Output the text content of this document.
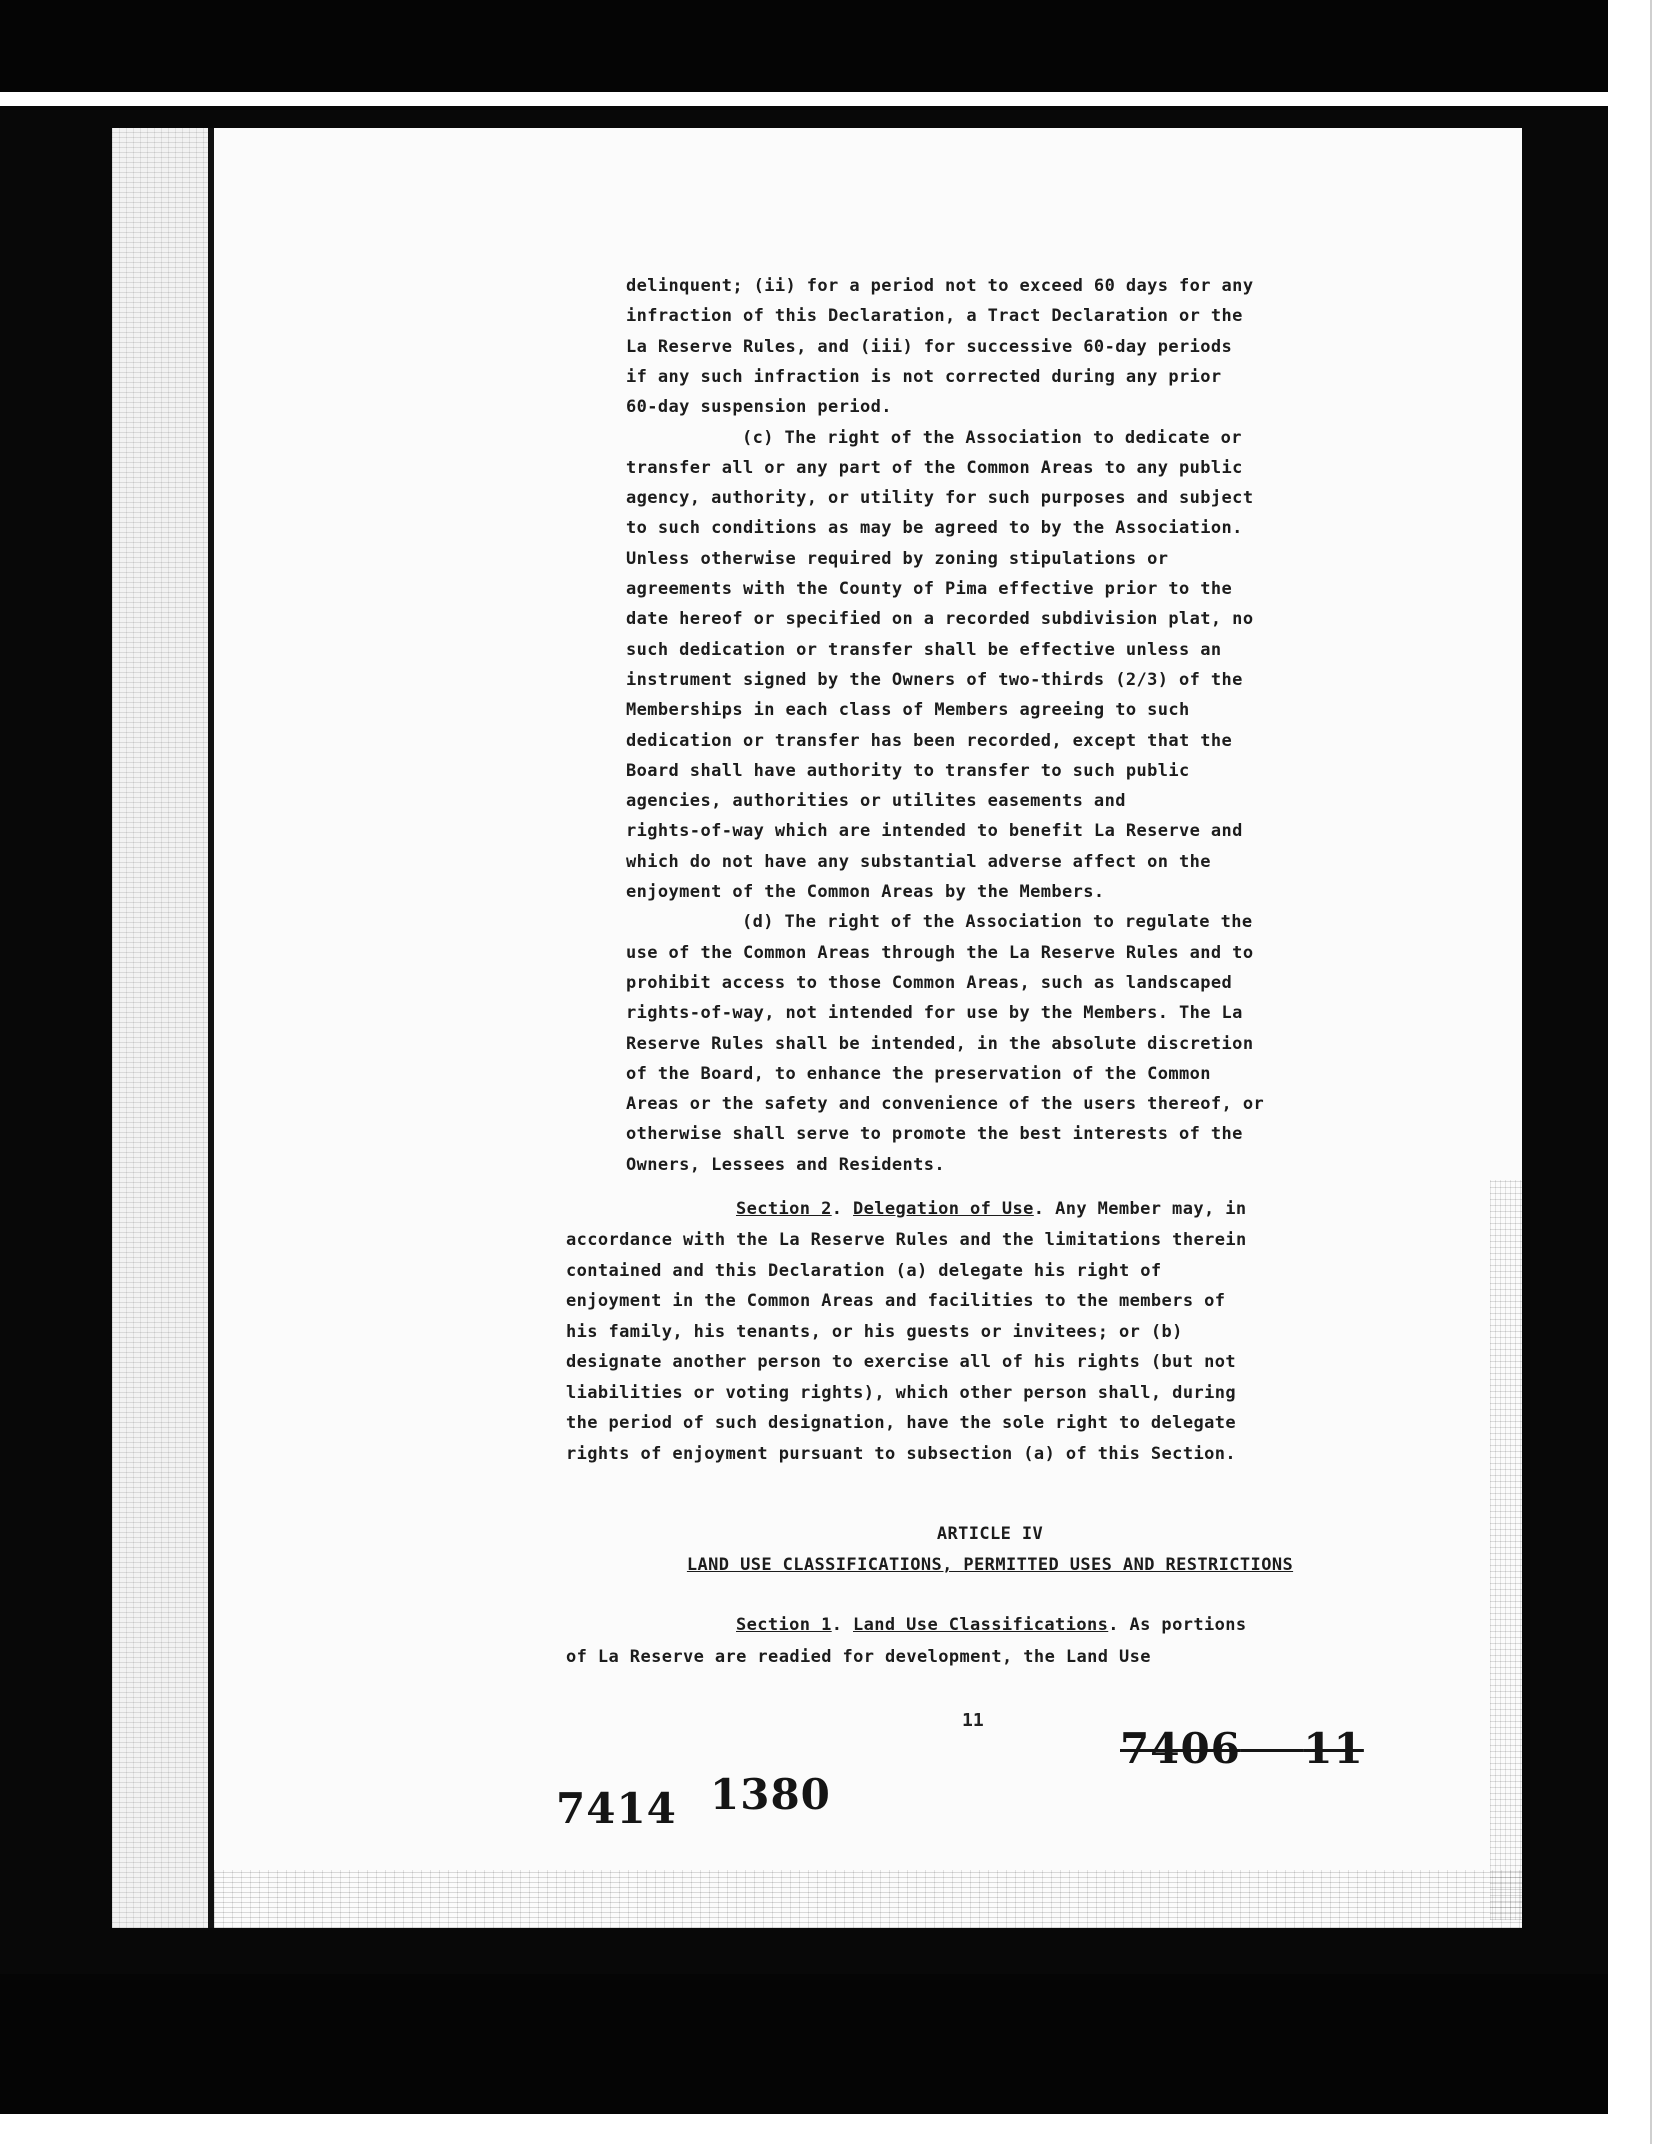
Section 2. Delegation of Use. Any Member may, in
ARTICLE IV
LAND USE CLASSIFICATIONS, PERMITTED USES AND RESTRICTIONS
Section 1. Land Use Classifications. As portions
of La Reserve are readied for development, the Land Use
11
7406 11
7414 1380
delinquent; (ii) for a period not to exceed 60 days for any
infraction of this Declaration, a Tract Declaration or the
La Reserve Rules, and (iii) for successive 60-day periods
if any such infraction is not corrected during any prior
60-day suspension period.
(c) The right of the Association to dedicate or
transfer all or any part of the Common Areas to any public
agency, authority, or utility for such purposes and subject
to such conditions as may be agreed to by the Association.
Unless otherwise required by zoning stipulations or
agreements with the County of Pima effective prior to the
date hereof or specified on a recorded subdivision plat, no
such dedication or transfer shall be effective unless an
instrument signed by the Owners of two-thirds (2/3) of the
Memberships in each class of Members agreeing to such
dedication or transfer has been recorded, except that the
Board shall have authority to transfer to such public
agencies, authorities or utilites easements and
rights-of-way which are intended to benefit La Reserve and
which do not have any substantial adverse affect on the
enjoyment of the Common Areas by the Members.
(d) The right of the Association to regulate the
use of the Common Areas through the La Reserve Rules and to
prohibit access to those Common Areas, such as landscaped
rights-of-way, not intended for use by the Members. The La
Reserve Rules shall be intended, in the absolute discretion
of the Board, to enhance the preservation of the Common
Areas or the safety and convenience of the users thereof, or
otherwise shall serve to promote the best interests of the
Owners, Lessees and Residents.
accordance with the La Reserve Rules and the limitations therein
contained and this Declaration (a) delegate his right of
enjoyment in the Common Areas and facilities to the members of
his family, his tenants, or his guests or invitees; or (b)
designate another person to exercise all of his rights (but not
liabilities or voting rights), which other person shall, during
the period of such designation, have the sole right to delegate
rights of enjoyment pursuant to subsection (a) of this Section.
